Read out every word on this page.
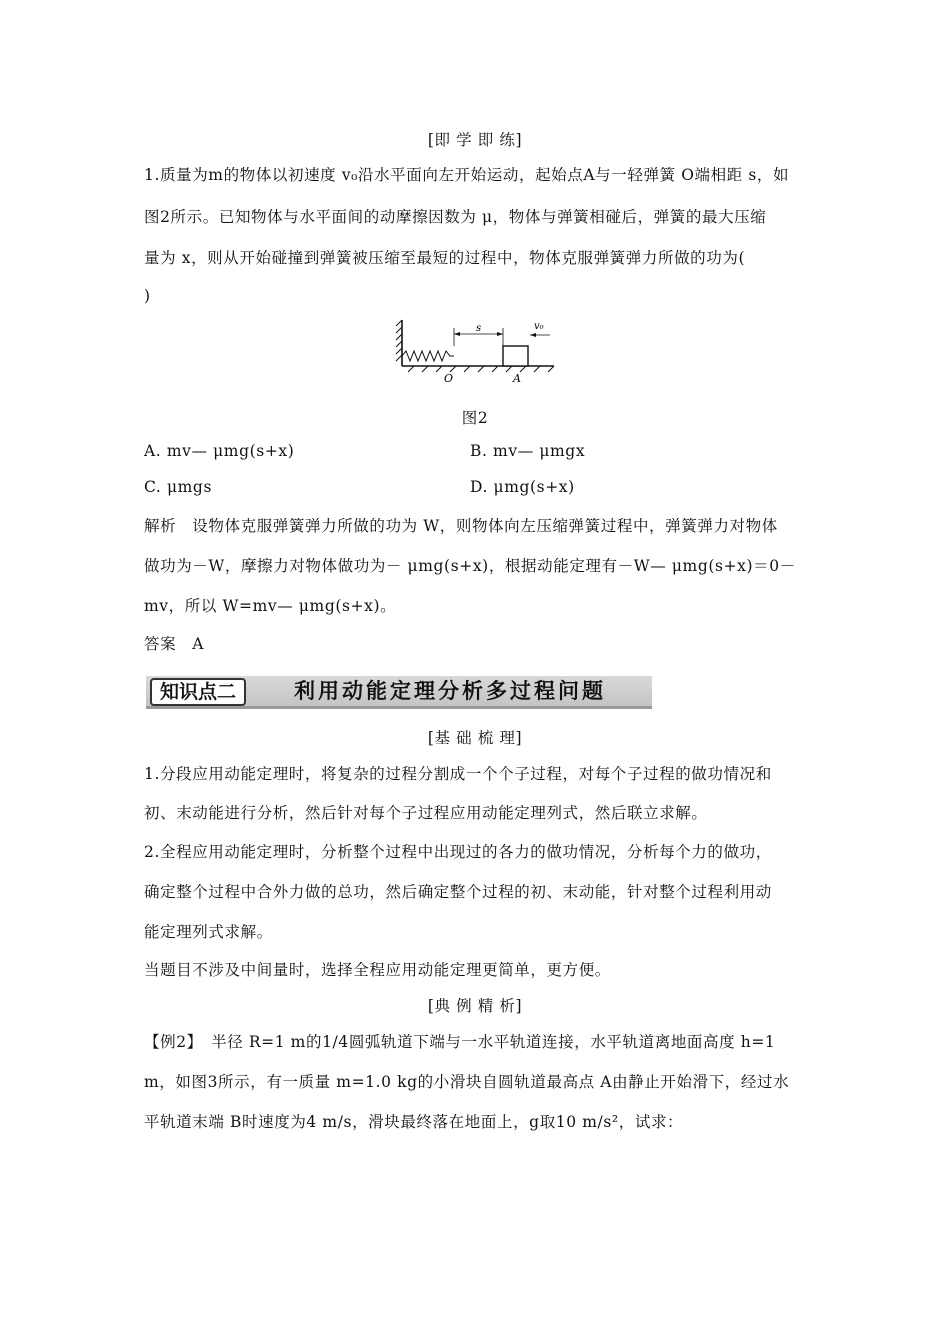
[即 学 即 练]
1.质量为m的物体以初速度 v₀沿水平面向左开始运动，起始点A与一轻弹簧 O端相距 s，如
图2所示。已知物体与水平面间的动摩擦因数为 μ，物体与弹簧相碰后，弹簧的最大压缩
量为 x，则从开始碰撞到弹簧被压缩至最短的过程中，物体克服弹簧弹力所做的功为(
)
s	v₀
O	A
图2
A. mv— μmg(s+x)	B. mv— μmgx
C. μmgs	D. μmg(s+x)
解析　设物体克服弹簧弹力所做的功为 W，则物体向左压缩弹簧过程中，弹簧弹力对物体
做功为－W，摩擦力对物体做功为－ μmg(s+x)，根据动能定理有－W— μmg(s+x)＝0－
mv，所以 W=mv— μmg(s+x)。
答案　A
知识点二	利用动能定理分析多过程问题
[基 础 梳 理]
1.分段应用动能定理时，将复杂的过程分割成一个个子过程，对每个子过程的做功情况和
初、末动能进行分析，然后针对每个子过程应用动能定理列式，然后联立求解。
2.全程应用动能定理时，分析整个过程中出现过的各力的做功情况，分析每个力的做功，
确定整个过程中合外力做的总功，然后确定整个过程的初、末动能，针对整个过程利用动
能定理列式求解。
当题目不涉及中间量时，选择全程应用动能定理更简单，更方便。
[典 例 精 析]
【例2】　半径 R=1 m的1/4圆弧轨道下端与一水平轨道连接，水平轨道离地面高度 h=1
m，如图3所示，有一质量 m=1.0 kg的小滑块自圆轨道最高点 A由静止开始滑下，经过水
平轨道末端 B时速度为4 m/s，滑块最终落在地面上，g取10 m/s²，试求：
